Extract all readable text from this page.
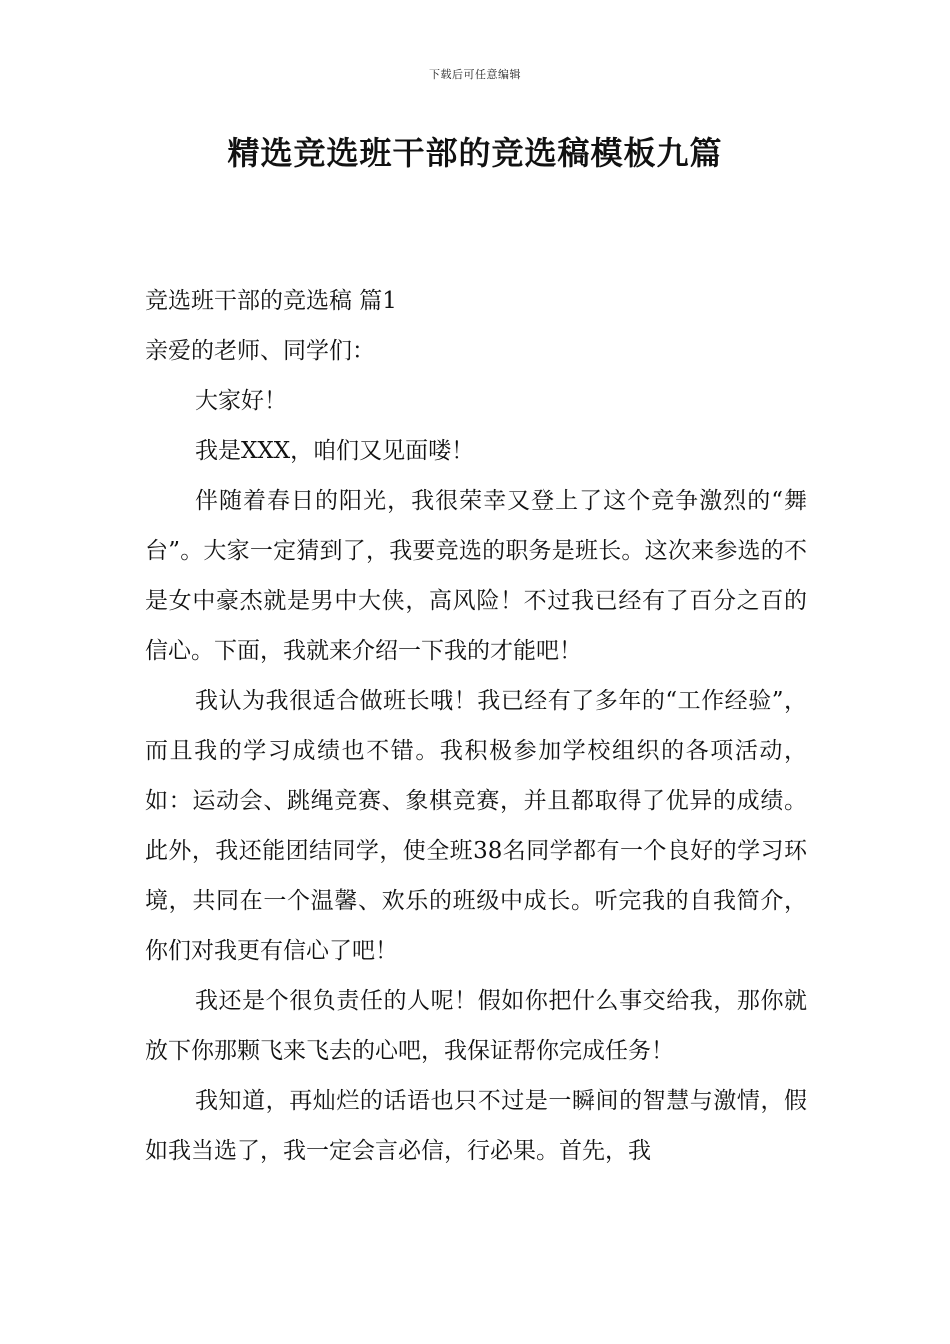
下载后可任意编辑
精选竞选班干部的竞选稿模板九篇

竞选班干部的竞选稿 篇1

亲爱的老师、同学们：

大家好！

我是XXX，咱们又见面喽！

伴随着春日的阳光，我很荣幸又登上了这个竞争激烈的“舞台”。大家一定猜到了，我要竞选的职务是班长。这次来参选的不是女中豪杰就是男中大侠，高风险！不过我已经有了百分之百的信心。下面，我就来介绍一下我的才能吧！

我认为我很适合做班长哦！我已经有了多年的“工作经验”，而且我的学习成绩也不错。我积极参加学校组织的各项活动，如：运动会、跳绳竞赛、象棋竞赛，并且都取得了优异的成绩。此外，我还能团结同学，使全班38名同学都有一个良好的学习环境，共同在一个温馨、欢乐的班级中成长。听完我的自我简介，你们对我更有信心了吧！

我还是个很负责任的人呢！假如你把什么事交给我，那你就放下你那颗飞来飞去的心吧，我保证帮你完成任务！

我知道，再灿烂的话语也只不过是一瞬间的智慧与激情，假如我当选了，我一定会言必信，行必果。首先，我
